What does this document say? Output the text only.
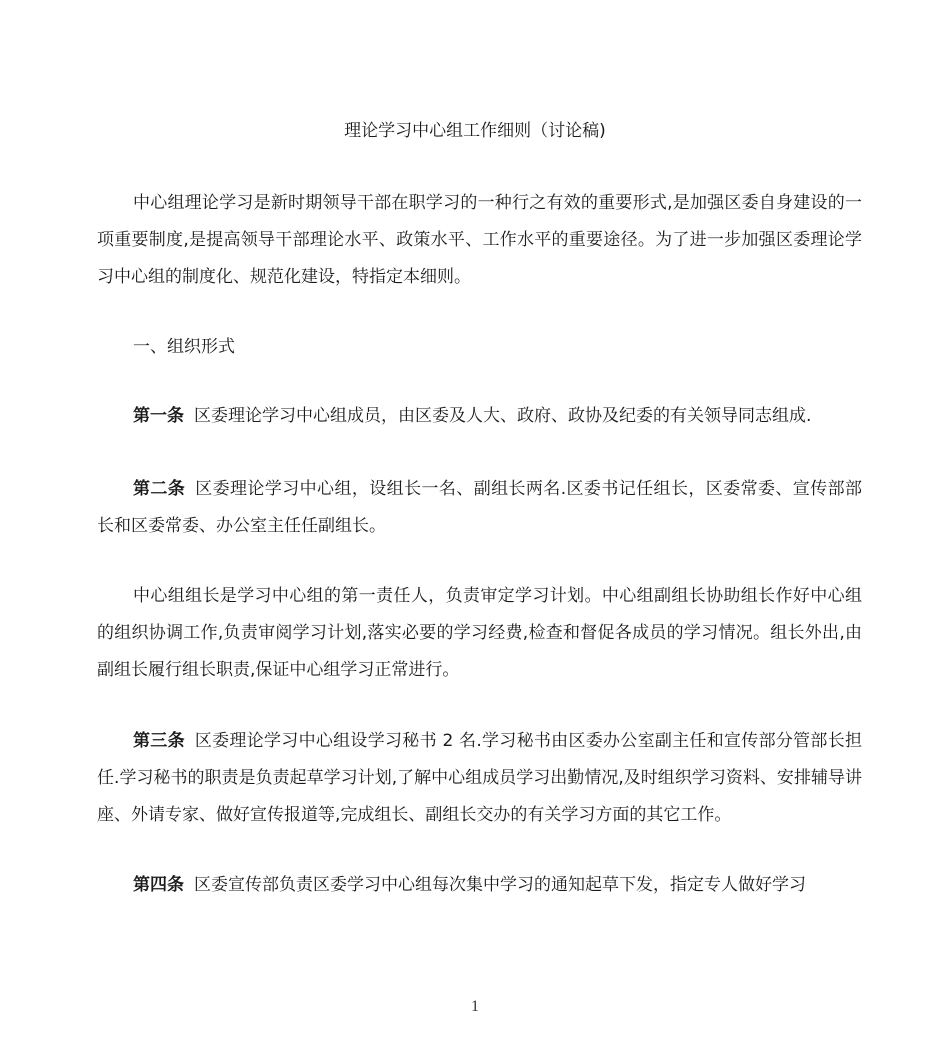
理论学习中心组工作细则（讨论稿)

中心组理论学习是新时期领导干部在职学习的一种行之有效的重要形式,是加强区委自身建设的一项重要制度,是提高领导干部理论水平、政策水平、工作水平的重要途径。为了进一步加强区委理论学习中心组的制度化、规范化建设，特指定本细则。

一、组织形式

第一条 区委理论学习中心组成员，由区委及人大、政府、政协及纪委的有关领导同志组成.

第二条 区委理论学习中心组，设组长一名、副组长两名.区委书记任组长，区委常委、宣传部部长和区委常委、办公室主任任副组长。

中心组组长是学习中心组的第一责任人，负责审定学习计划。中心组副组长协助组长作好中心组的组织协调工作,负责审阅学习计划,落实必要的学习经费,检查和督促各成员的学习情况。组长外出,由副组长履行组长职责,保证中心组学习正常进行。

第三条 区委理论学习中心组设学习秘书 2 名.学习秘书由区委办公室副主任和宣传部分管部长担任.学习秘书的职责是负责起草学习计划,了解中心组成员学习出勤情况,及时组织学习资料、安排辅导讲座、外请专家、做好宣传报道等,完成组长、副组长交办的有关学习方面的其它工作。

第四条 区委宣传部负责区委学习中心组每次集中学习的通知起草下发，指定专人做好学习

1
